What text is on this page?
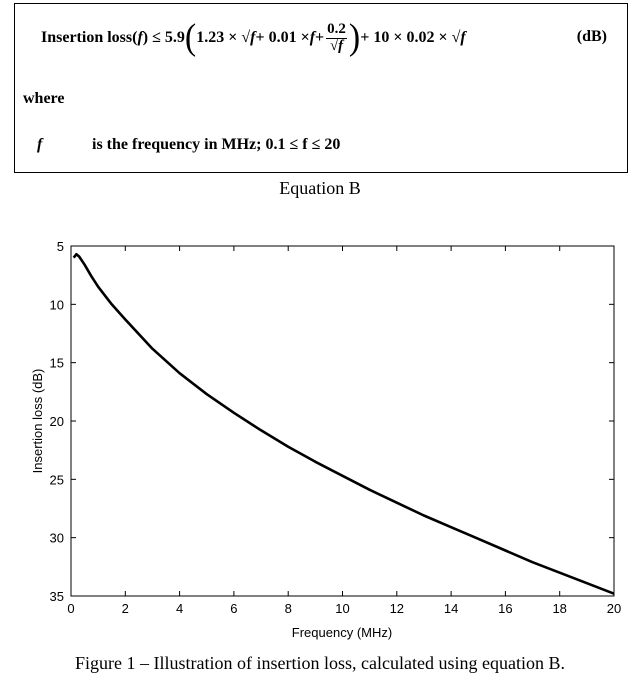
Insertion loss( f ) ≤ 5.9 ( 1.23 × √ $f + 0.01 \times f + \frac{0.2}{√f}$ ) + 10 × 0.02 × √ f	(dB)
where
f	is the frequency in MHz; 0.1 ≤ f ≤ 20
Equation B
0	2	4	6	8	10	12	14	16	18	20
5
10
15
20
25
30
35
Frequency (MHz)
Insertion loss (dB)
Figure 1 – Illustration of insertion loss, calculated using equation B.
